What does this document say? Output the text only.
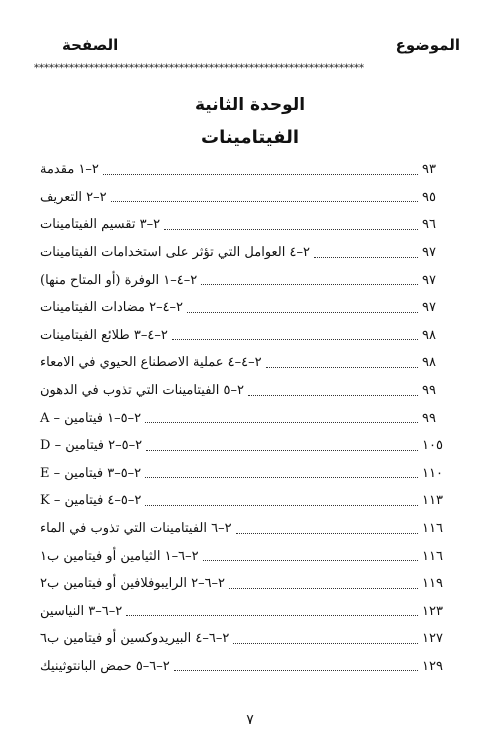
الموضوع
الصفحة
******************************************************************
الوحدة الثانية
الفيتامينات
٢–١ مقدمة	٩٣
٢–٢ التعريف	٩٥
٢–٣ تقسيم الفيتامينات	٩٦
٢–٤ العوامل التي تؤثر على استخدامات الفيتامينات	٩٧
٢–٤–١ الوفرة (أو المتاح منها)	٩٧
٢–٤–٢ مضادات الفيتامينات	٩٧
٢–٤–٣ طلائع الفيتامينات	٩٨
٢–٤–٤ عملية الاصطناع الحيوي في الامعاء	٩٨
٢–٥ الفيتامينات التي تذوب في الدهون	٩٩
٢–٥–١ فيتامين – A	٩٩
٢–٥–٢ فيتامين – D	١٠٥
٢–٥–٣ فيتامين – E	١١٠
٢–٥–٤ فيتامين – K	١١٣
٢–٦ الفيتامينات التي تذوب في الماء	١١٦
٢–٦–١ الثيامين أو فيتامين ب١	١١٦
٢–٦–٢ الرايبوفلافين أو فيتامين ب٢	١١٩
٢–٦–٣ النياسين	١٢٣
٢–٦–٤ البيريدوكسين أو فيتامين ب٦	١٢٧
٢–٦–٥ حمض البانتوثينيك	١٢٩
٧
